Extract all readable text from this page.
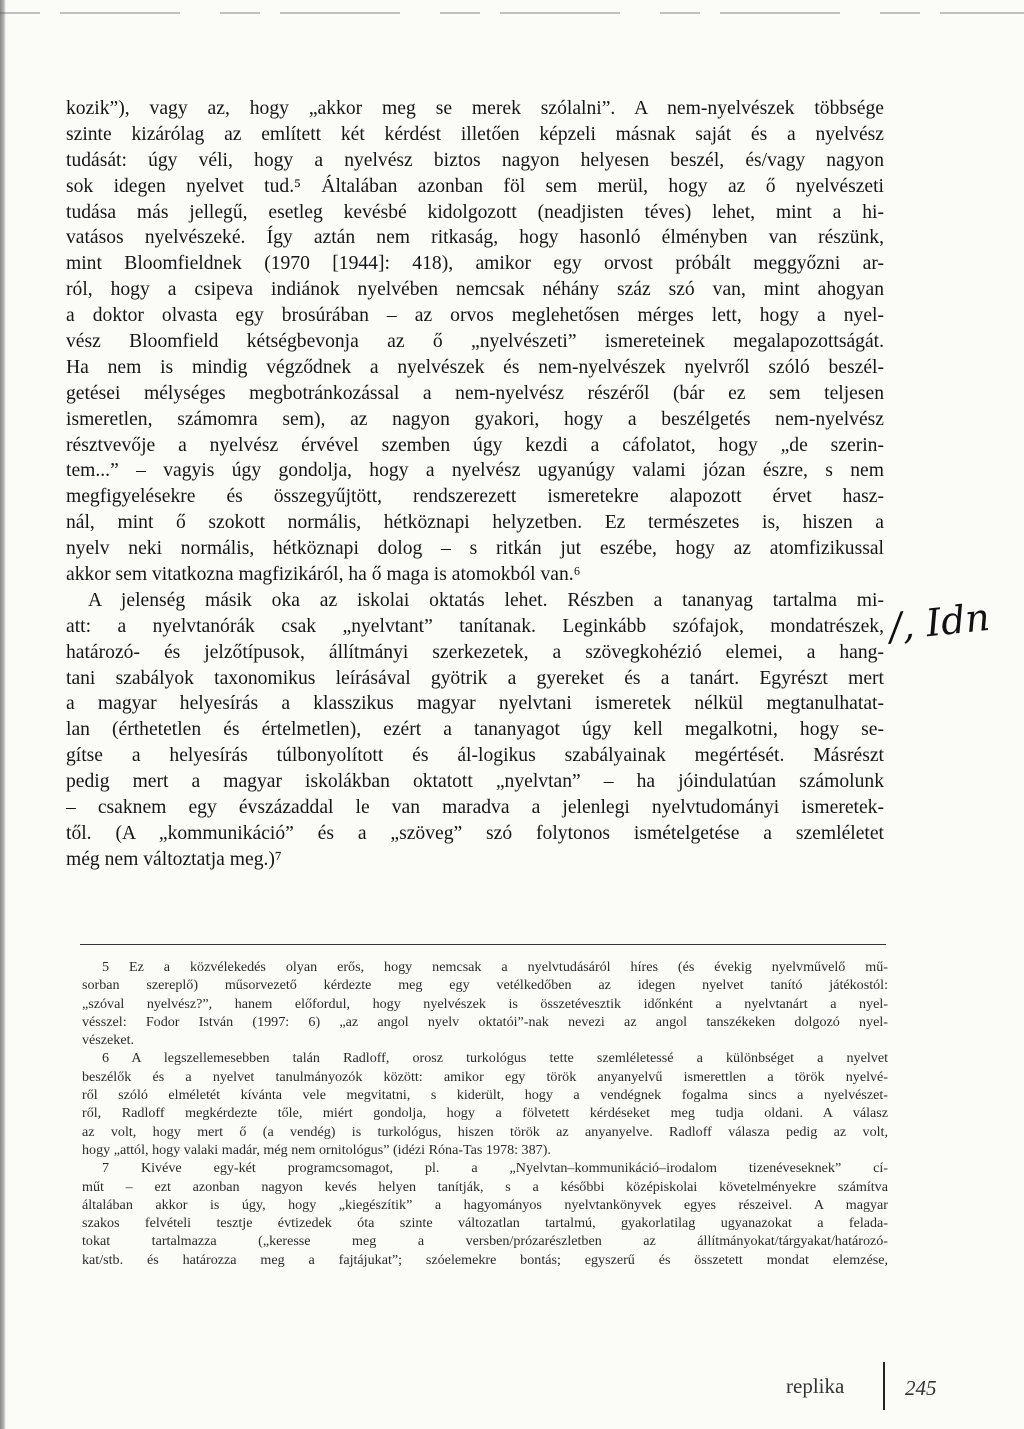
kozik”), vagy az, hogy „akkor meg se merek szólalni”. A nem-nyelvészek többsége
szinte kizárólag az említett két kérdést illetően képzeli másnak saját és a nyelvész
tudását: úgy véli, hogy a nyelvész biztos nagyon helyesen beszél, és/vagy nagyon
sok idegen nyelvet tud.⁵ Általában azonban föl sem merül, hogy az ő nyelvészeti
tudása más jellegű, esetleg kevésbé kidolgozott (neadjisten téves) lehet, mint a hi-
vatásos nyelvészeké. Így aztán nem ritkaság, hogy hasonló élményben van részünk,
mint Bloomfieldnek (1970 [1944]: 418), amikor egy orvost próbált meggyőzni ar-
ról, hogy a csipeva indiánok nyelvében nemcsak néhány száz szó van, mint ahogyan
a doktor olvasta egy brosúrában – az orvos meglehetősen mérges lett, hogy a nyel-
vész Bloomfield kétségbevonja az ő „nyelvészeti” ismereteinek megalapozottságát.
Ha nem is mindig végződnek a nyelvészek és nem-nyelvészek nyelvről szóló beszél-
getései mélységes megbotránkozással a nem-nyelvész részéről (bár ez sem teljesen
ismeretlen, számomra sem), az nagyon gyakori, hogy a beszélgetés nem-nyelvész
résztvevője a nyelvész érvével szemben úgy kezdi a cáfolatot, hogy „de szerin-
tem...” – vagyis úgy gondolja, hogy a nyelvész ugyanúgy valami józan észre, s nem
megfigyelésekre és összegyűjtött, rendszerezett ismeretekre alapozott érvet hasz-
nál, mint ő szokott normális, hétköznapi helyzetben. Ez természetes is, hiszen a
nyelv neki normális, hétköznapi dolog – s ritkán jut eszébe, hogy az atomfizikussal
akkor sem vitatkozna magfizikáról, ha ő maga is atomokból van.⁶
A jelenség másik oka az iskolai oktatás lehet. Részben a tananyag tartalma mi-
att: a nyelvtanórák csak „nyelvtant” tanítanak. Leginkább szófajok, mondatrészek,
határozó- és jelzőtípusok, állítmányi szerkezetek, a szövegkohézió elemei, a hang-
tani szabályok taxonomikus leírásával gyötrik a gyereket és a tanárt. Egyrészt mert
a magyar helyesírás a klasszikus magyar nyelvtani ismeretek nélkül megtanulhatat-
lan (érthetetlen és értelmetlen), ezért a tananyagot úgy kell megalkotni, hogy se-
gítse a helyesírás túlbonyolított és ál-logikus szabályainak megértését. Másrészt
pedig mert a magyar iskolákban oktatott „nyelvtan” – ha jóindulatúan számolunk
– csaknem egy évszázaddal le van maradva a jelenlegi nyelvtudományi ismeretek-
től. (A „kommunikáció” és a „szöveg” szó folytonos ismételgetése a szemléletet
még nem változtatja meg.)⁷
/, Idn
5 Ez a közvélekedés olyan erős, hogy nemcsak a nyelvtudásáról híres (és évekig nyelvművelő mű-
sorban szereplő) műsorvezető kérdezte meg egy vetélkedőben az idegen nyelvet tanító játékostól:
„szóval nyelvész?”, hanem előfordul, hogy nyelvészek is összetévesztik időnként a nyelvtanárt a nyel-
vésszel: Fodor István (1997: 6) „az angol nyelv oktatói”-nak nevezi az angol tanszékeken dolgozó nyel-
vészeket.
6 A legszellemesebben talán Radloff, orosz turkológus tette szemléletessé a különbséget a nyelvet
beszélők és a nyelvet tanulmányozók között: amikor egy török anyanyelvű ismerettlen a török nyelvé-
ről szóló elméletét kívánta vele megvitatni, s kiderült, hogy a vendégnek fogalma sincs a nyelvészet-
ről, Radloff megkérdezte tőle, miért gondolja, hogy a fölvetett kérdéseket meg tudja oldani. A válasz
az volt, hogy mert ő (a vendég) is turkológus, hiszen török az anyanyelve. Radloff válasza pedig az volt,
hogy „attól, hogy valaki madár, még nem ornitológus” (idézi Róna-Tas 1978: 387).
7 Kivéve egy-két programcsomagot, pl. a „Nyelvtan–kommunikáció–irodalom tizenéveseknek” cí-
műt – ezt azonban nagyon kevés helyen tanítják, s a későbbi középiskolai követelményekre számítva
általában akkor is úgy, hogy „kiegészítik” a hagyományos nyelvtankönyvek egyes részeivel. A magyar
szakos felvételi tesztje évtizedek óta szinte változatlan tartalmú, gyakorlatilag ugyanazokat a felada-
tokat tartalmazza („keresse meg a versben/prózarészletben az állítmányokat/tárgyakat/határozó-
kat/stb. és határozza meg a fajtájukat”; szóelemekre bontás; egyszerű és összetett mondat elemzése,
replika	245
